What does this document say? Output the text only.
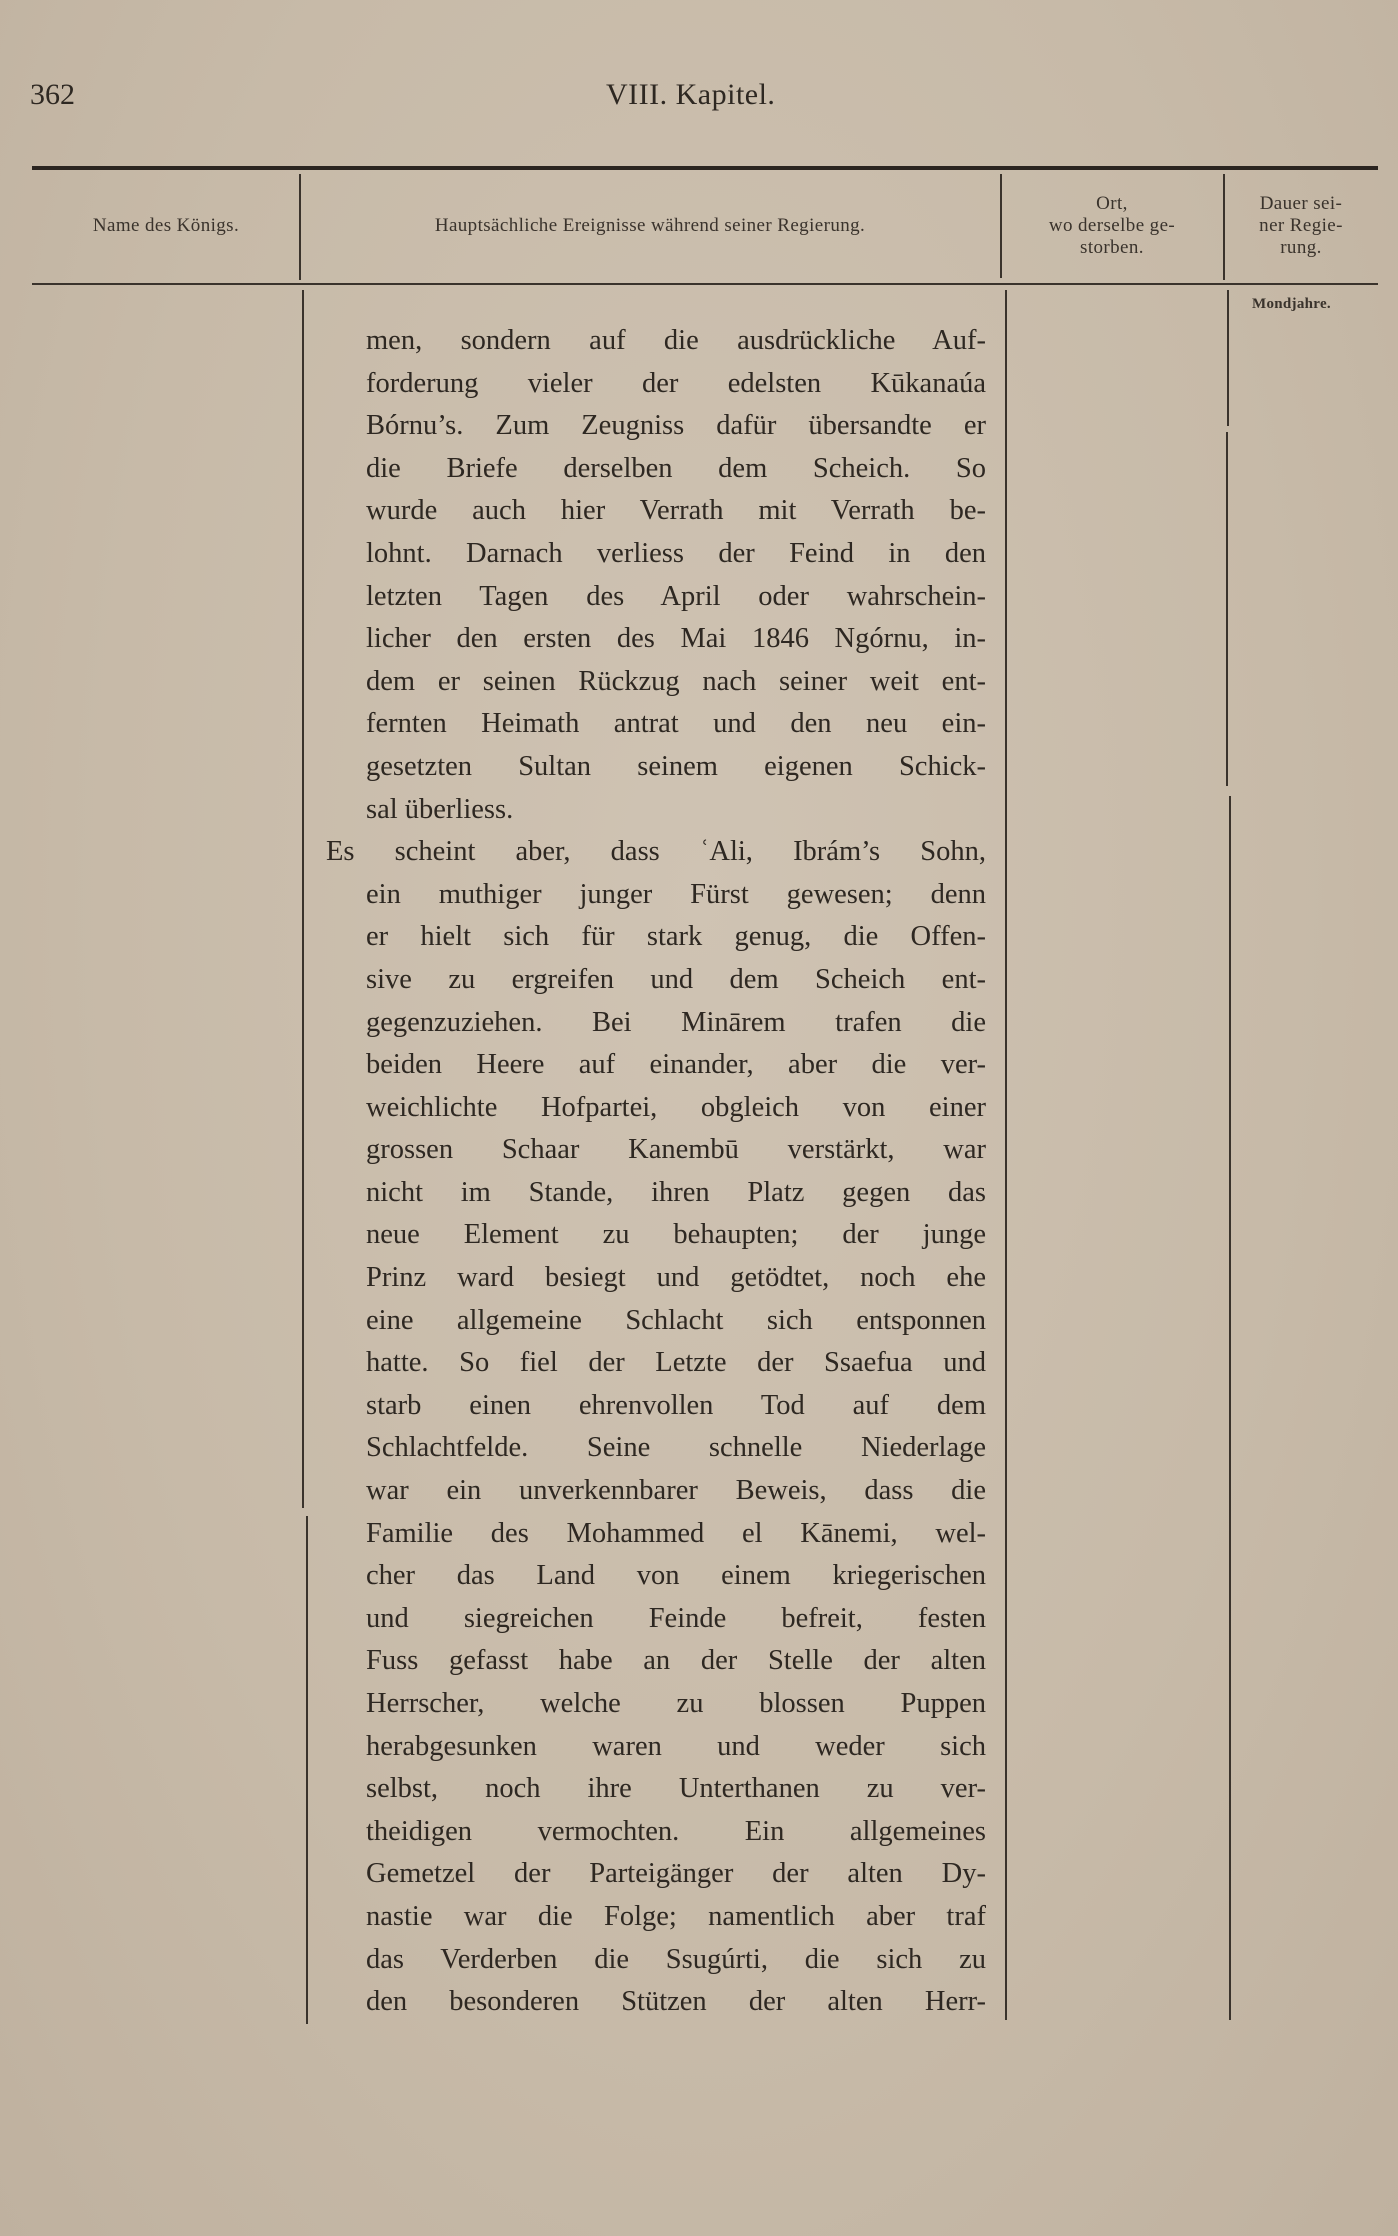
362	VIII. Kapitel.
Name des Königs.	Hauptsächliche Ereignisse während seiner Regierung.
Ort,
wo derselbe ge-
storben.
Dauer sei-
ner Regie-
rung.
Mondjahre.
men, sondern auf die ausdrückliche Auf-
forderung vieler der edelsten Kūkanaúa
Bórnu’s. Zum Zeugniss dafür übersandte er
die Briefe derselben dem Scheich. So
wurde auch hier Verrath mit Verrath be-
lohnt. Darnach verliess der Feind in den
letzten Tagen des April oder wahrschein-
licher den ersten des Mai 1846 Ngórnu, in-
dem er seinen Rückzug nach seiner weit ent-
fernten Heimath antrat und den neu ein-
gesetzten Sultan seinem eigenen Schick-
sal überliess.
Es scheint aber, dass ʿAli, Ibrám’s Sohn,
ein muthiger junger Fürst gewesen; denn
er hielt sich für stark genug, die Offen-
sive zu ergreifen und dem Scheich ent-
gegenzuziehen. Bei Minārem trafen die
beiden Heere auf einander, aber die ver-
weichlichte Hofpartei, obgleich von einer
grossen Schaar Kanembū verstärkt, war
nicht im Stande, ihren Platz gegen das
neue Element zu behaupten; der junge
Prinz ward besiegt und getödtet, noch ehe
eine allgemeine Schlacht sich entsponnen
hatte. So fiel der Letzte der Ssaefua und
starb einen ehrenvollen Tod auf dem
Schlachtfelde. Seine schnelle Niederlage
war ein unverkennbarer Beweis, dass die
Familie des Mohammed el Kānemi, wel-
cher das Land von einem kriegerischen
und siegreichen Feinde befreit, festen
Fuss gefasst habe an der Stelle der alten
Herrscher, welche zu blossen Puppen
herabgesunken waren und weder sich
selbst, noch ihre Unterthanen zu ver-
theidigen vermochten. Ein allgemeines
Gemetzel der Parteigänger der alten Dy-
nastie war die Folge; namentlich aber traf
das Verderben die Ssugúrti, die sich zu
den besonderen Stützen der alten Herr-
